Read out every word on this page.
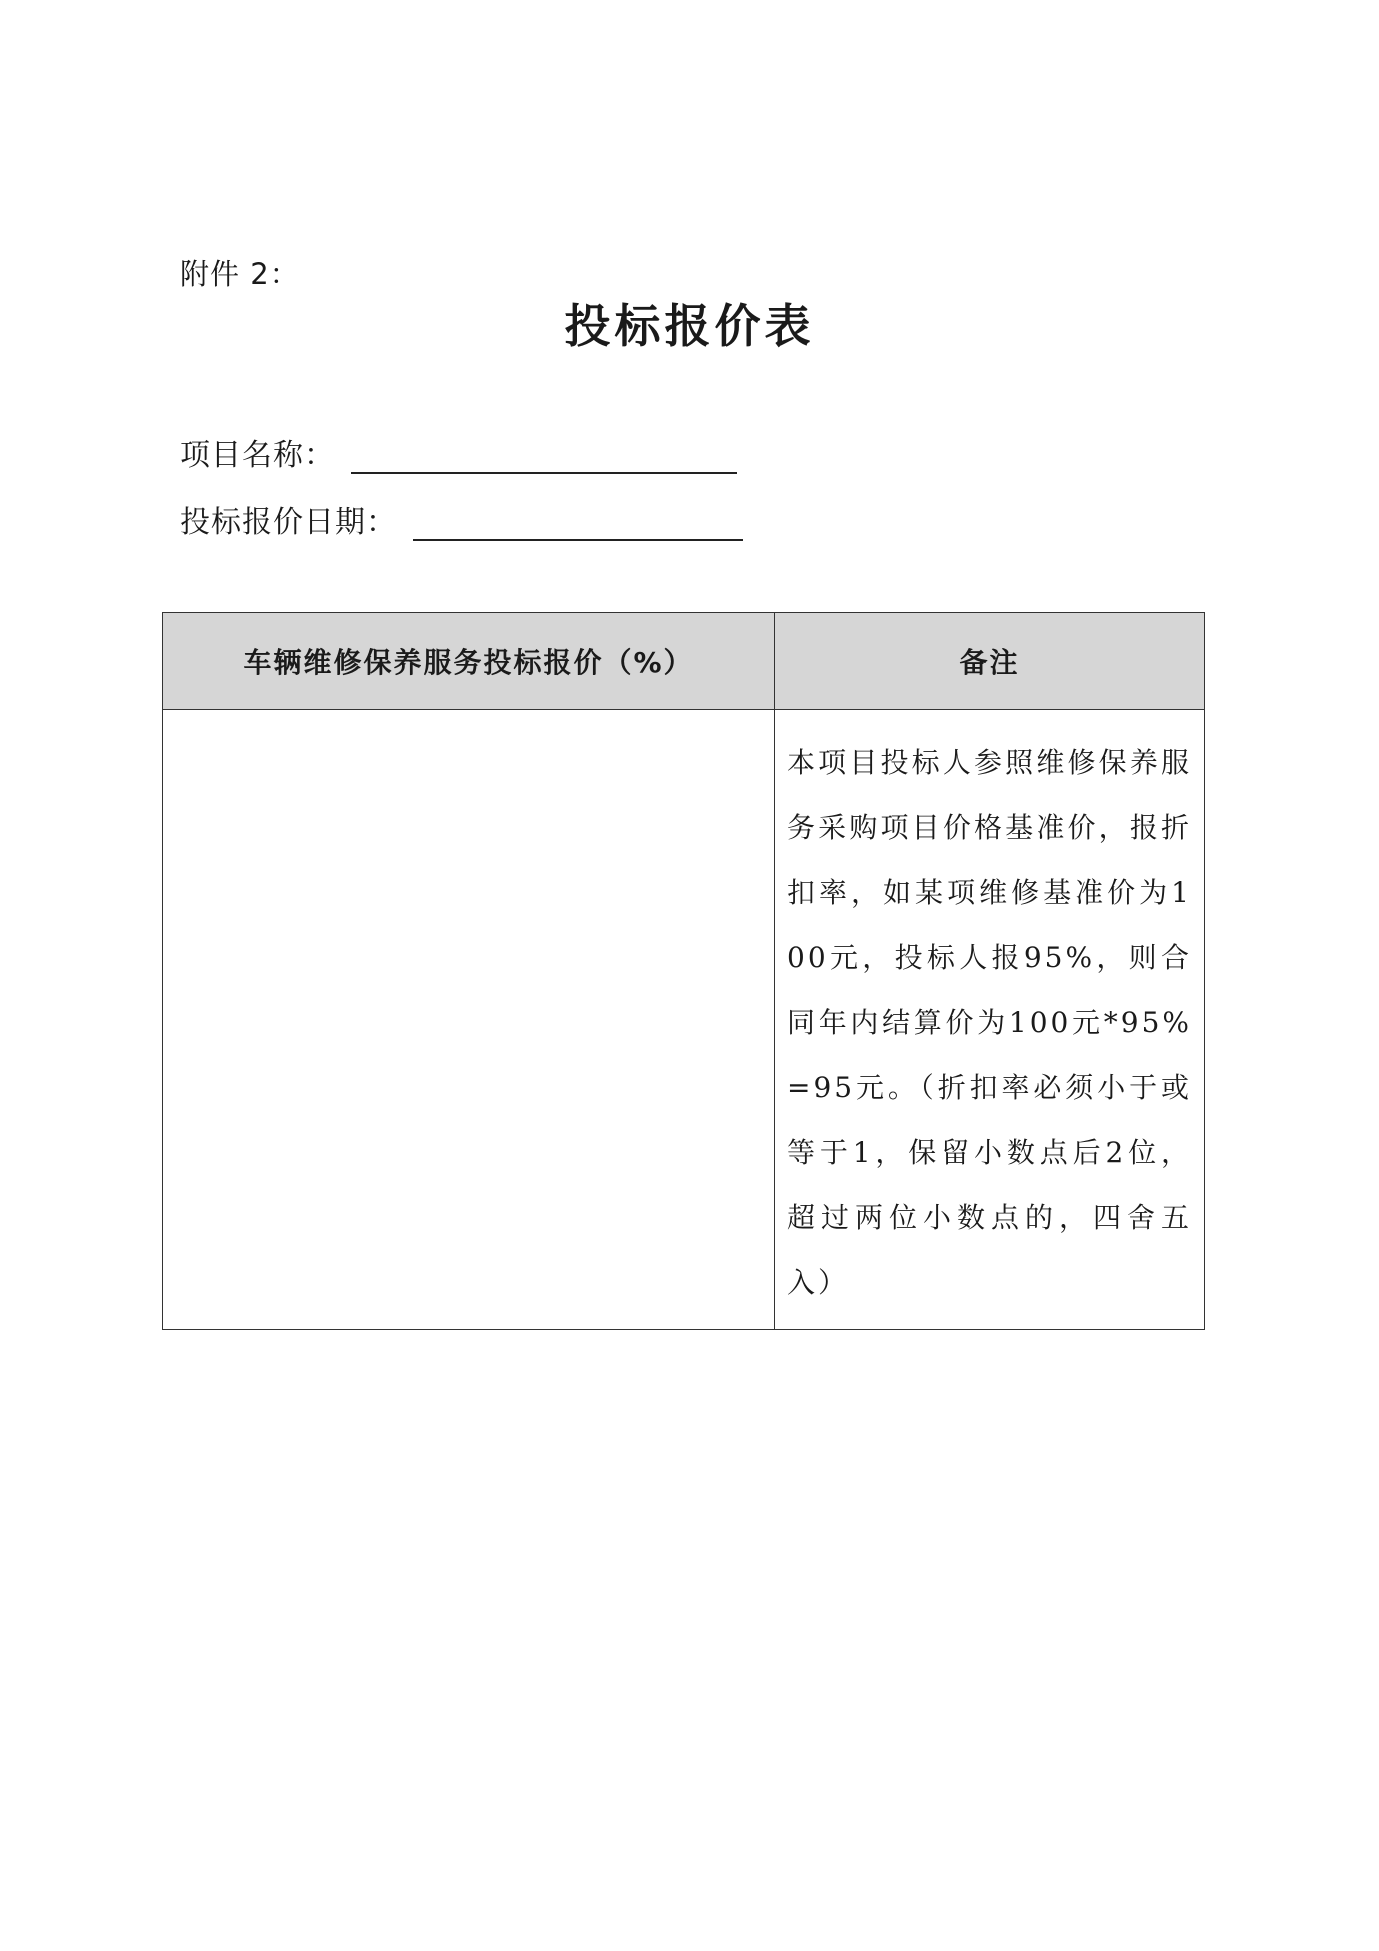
附件 2：
投标报价表
项目名称：
投标报价日期：
车辆维修保养服务投标报价（%）	备注

	本项目投标人参照维修保养服务采购项目价格基准价，报折扣率，如某项维修基准价为100元，投标人报95%，则合同年内结算价为100元*95%=95元。（折扣率必须小于或等于1，保留小数点后2位，超过两位小数点的，四舍五入）
